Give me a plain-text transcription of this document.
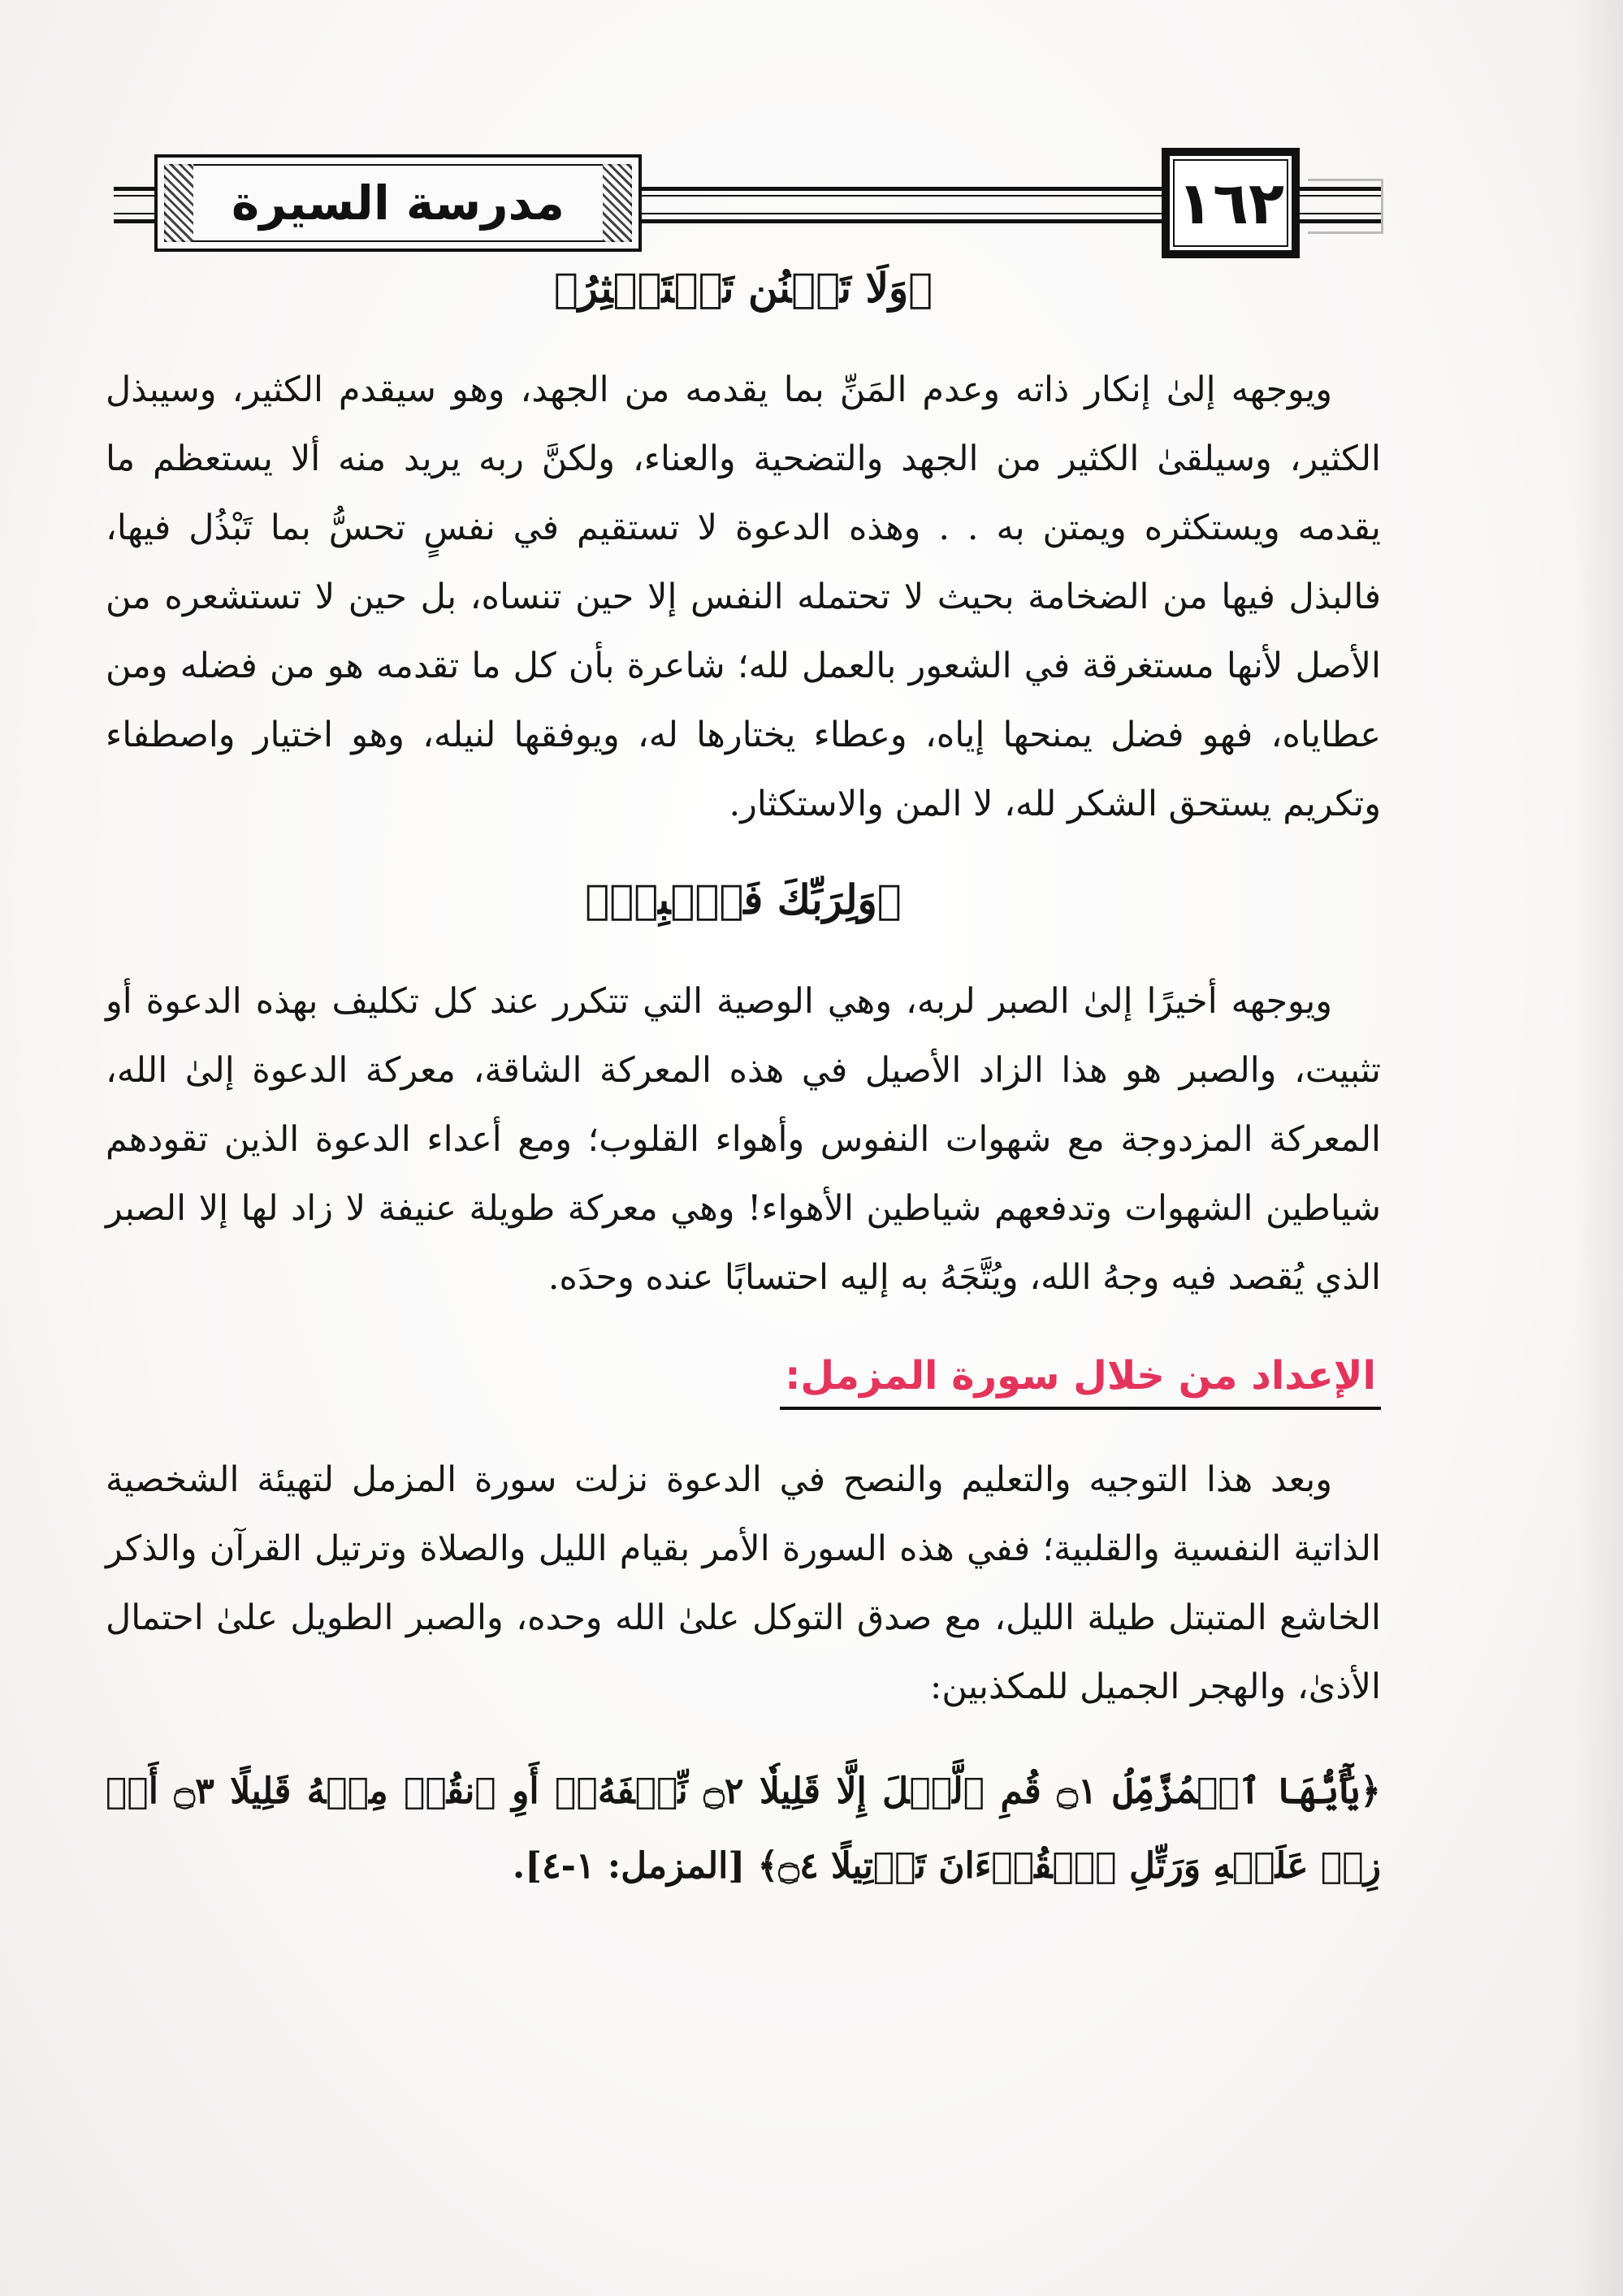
مدرسة السيرة	١٦٢
﴿وَلَا تَمۡنُن تَسۡتَكۡثِرُ﴾

ويوجهه إلىٰ إنكار ذاته وعدم المَنِّ بما يقدمه من الجهد، وهو سيقدم الكثير، وسيبذل الكثير، وسيلقىٰ الكثير من الجهد والتضحية والعناء، ولكنَّ ربه يريد منه ألا يستعظم ما يقدمه ويستكثره ويمتن به . . وهذه الدعوة لا تستقيم في نفسٍ تحسُّ بما تَبْذُل فيها، فالبذل فيها من الضخامة بحيث لا تحتمله النفس إلا حين تنساه، بل حين لا تستشعره من الأصل لأنها مستغرقة في الشعور بالعمل لله؛ شاعرة بأن كل ما تقدمه هو من فضله ومن عطاياه، فهو فضل يمنحها إياه، وعطاء يختارها له، ويوفقها لنيله، وهو اختيار واصطفاء وتكريم يستحق الشكر لله، لا المن والاستكثار.

﴿وَلِرَبِّكَ فَٱصۡبِرۡ﴾

ويوجهه أخيرًا إلىٰ الصبر لربه، وهي الوصية التي تتكرر عند كل تكليف بهذه الدعوة أو تثبيت، والصبر هو هذا الزاد الأصيل في هذه المعركة الشاقة، معركة الدعوة إلىٰ الله، المعركة المزدوجة مع شهوات النفوس وأهواء القلوب؛ ومع أعداء الدعوة الذين تقودهم شياطين الشهوات وتدفعهم شياطين الأهواء! وهي معركة طويلة عنيفة لا زاد لها إلا الصبر الذي يُقصد فيه وجهُ الله، ويُتَّجَهُ به إليه احتسابًا عنده وحدَه.

الإعداد من خلال سورة المزمل:

وبعد هذا التوجيه والتعليم والنصح في الدعوة نزلت سورة المزمل لتهيئة الشخصية الذاتية النفسية والقلبية؛ ففي هذه السورة الأمر بقيام الليل والصلاة وترتيل القرآن والذكر الخاشع المتبتل طيلة الليل، مع صدق التوكل علىٰ الله وحده، والصبر الطويل علىٰ احتمال الأذىٰ، والهجر الجميل للمكذبين:

﴿يَٰٓأَيُّهَا ٱلۡمُزَّمِّلُ ۝١ قُمِ ٱلَّيۡلَ إِلَّا قَلِيلٗا ۝٢ نِّصۡفَهُۥٓ أَوِ ٱنقُصۡ مِنۡهُ قَلِيلًا ۝٣ أَوۡ زِدۡ عَلَيۡهِ وَرَتِّلِ ٱلۡقُرۡءَانَ تَرۡتِيلًا ۝٤﴾ [المزمل: ١-٤].
